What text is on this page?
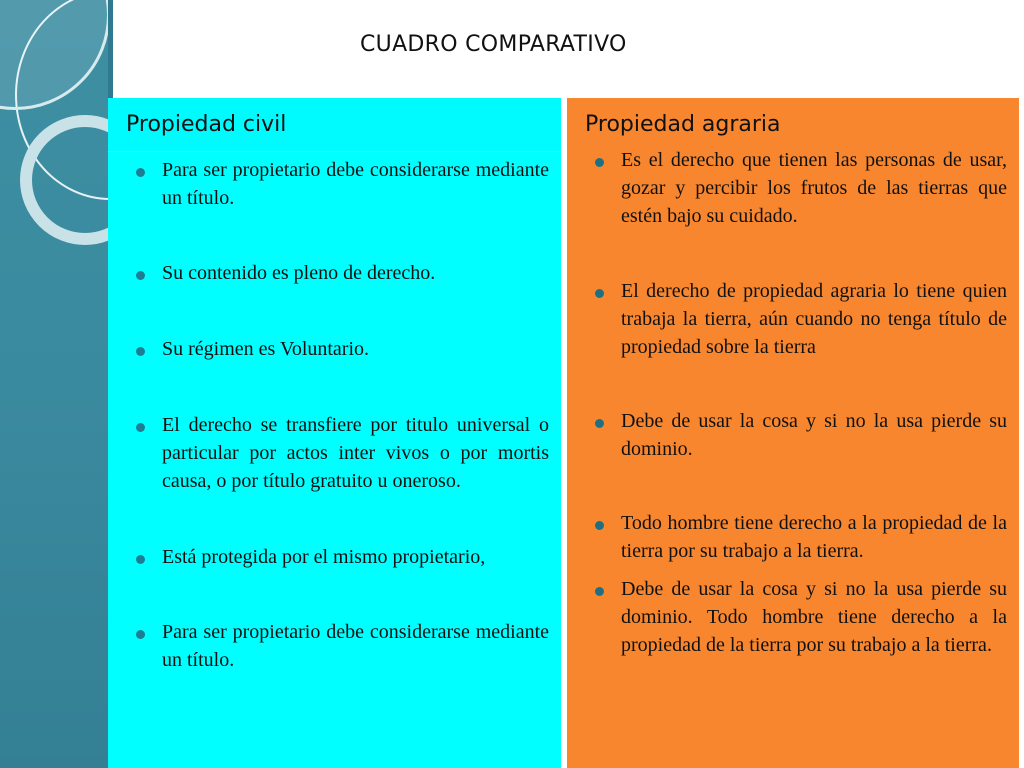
CUADRO COMPARATIVO
Propiedad civil
Para ser propietario debe considerarse mediante un título.
Su contenido es pleno de derecho.
Su régimen es Voluntario.
El derecho se transfiere por titulo universal o particular por actos inter vivos o por mortis causa, o por título gratuito u oneroso.
Está protegida por el mismo propietario,
Para ser propietario debe considerarse mediante un título.
Propiedad agraria
Es el derecho que tienen las personas de usar, gozar y percibir los frutos de las tierras que estén bajo su cuidado.
El derecho de propiedad agraria lo tiene quien trabaja la tierra, aún cuando no tenga título de propiedad sobre la tierra
Debe de usar la cosa y si no la usa pierde su dominio.
Todo hombre tiene derecho a la propiedad de la tierra por su trabajo a la tierra.
Debe de usar la cosa y si no la usa pierde su dominio. Todo hombre tiene derecho a la propiedad de la tierra por su trabajo a la tierra.
